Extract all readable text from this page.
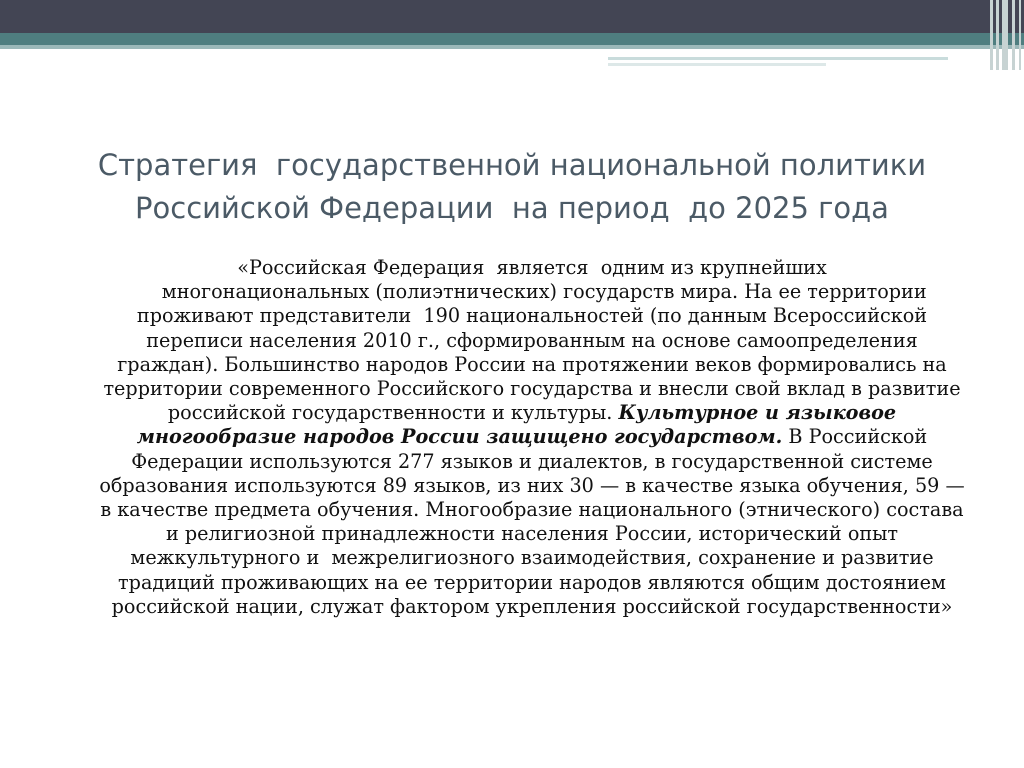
Стратегия  государственной национальной политики
Российской Федерации  на период  до 2025 года
«Российская Федерация  является  одним из крупнейших
многонациональных (полиэтнических) государств мира. На ее территории проживают представители  190 национальностей (по данным Всероссийской переписи населения 2010 г., сформированным на основе самоопределения граждан). Большинство народов России на протяжении веков формировались на  территории современного Российского государства и внесли свой вклад в развитие российской государственности и культуры. Культурное и языковое многообразие народов России защищено государством. В Российской Федерации используются 277 языков и диалектов, в государственной системе образования используются 89 языков, из них 30 — в качестве языка обучения, 59 — в качестве предмета обучения. Многообразие национального (этнического) состава и религиозной принадлежности населения России, исторический опыт межкультурного и  межрелигиозного взаимодействия, сохранение и развитие традиций проживающих на ее территории народов являются общим достоянием российской нации, служат фактором укрепления российской государственности»
